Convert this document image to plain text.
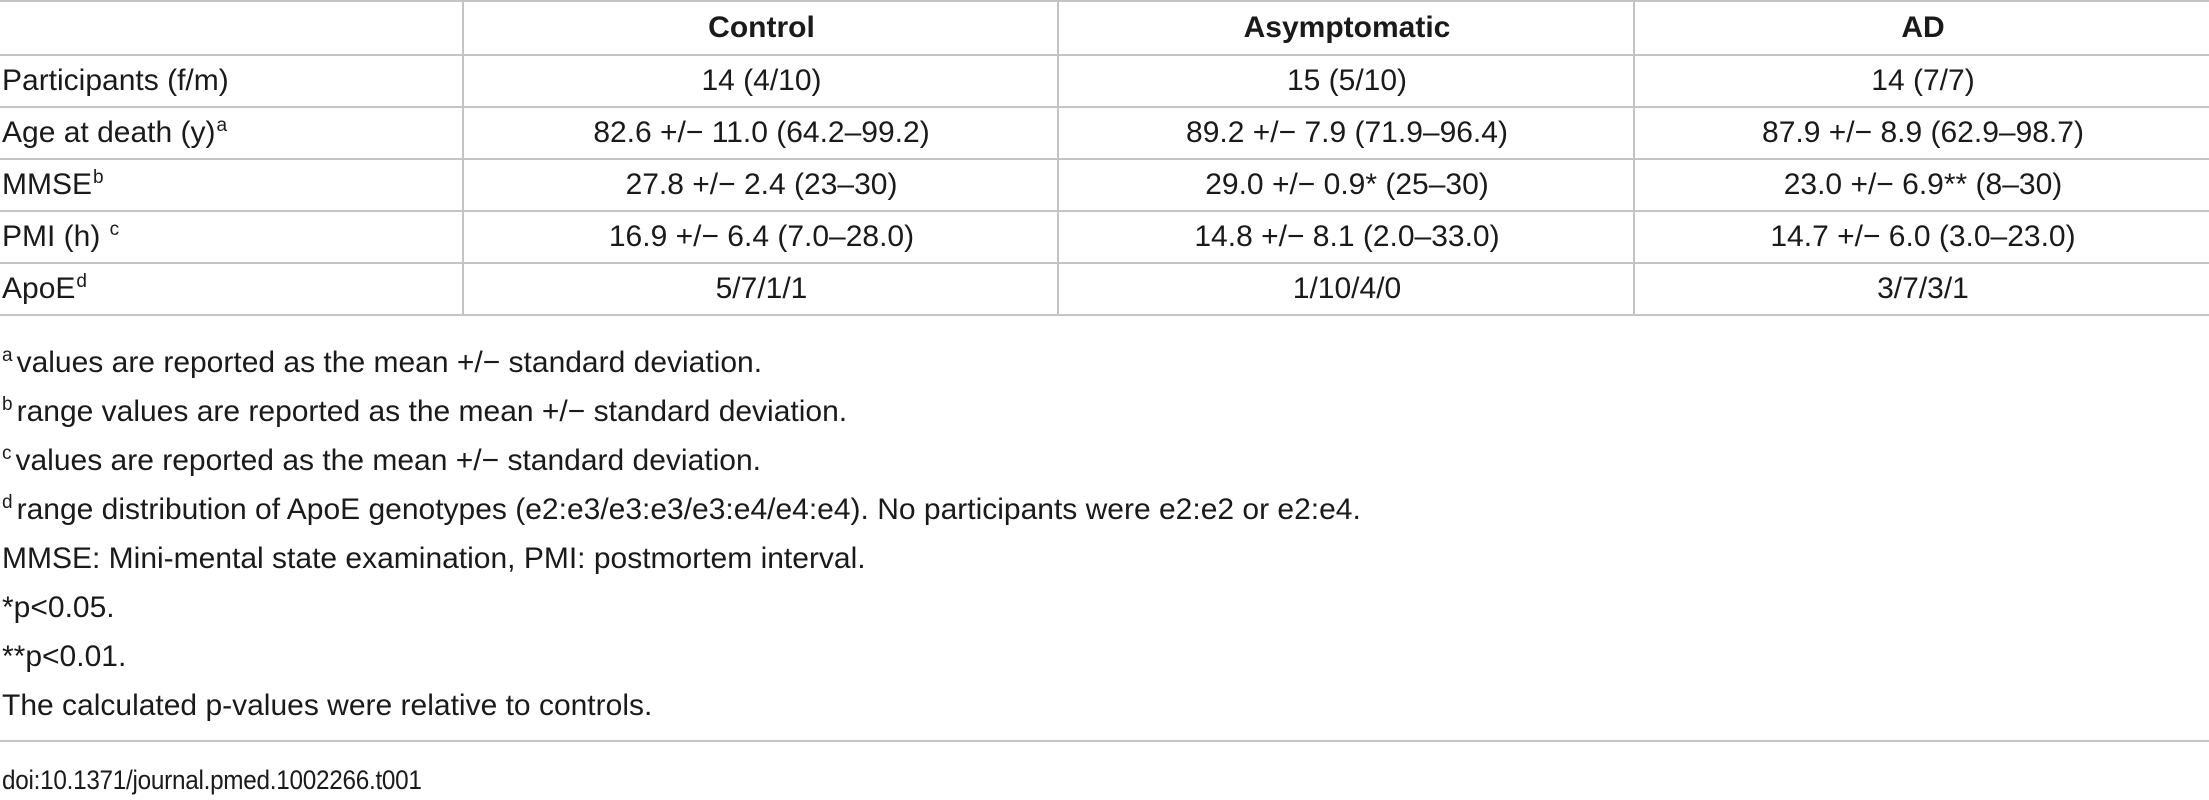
	Control	Asymptomatic	AD
Participants (f/m)	14 (4/10)	15 (5/10)	14 (7/7)
Age at death $(y)^a$	82.6 +/− 11.0 (64.2–99.2)	89.2 +/− 7.9 (71.9–96.4)	87.9 +/− 8.9 (62.9–98.7)
MMSE$^b$	27.8 +/− 2.4 (23–30)	29.0 +/− 0.9* (25–30)	23.0 +/− 6.9** (8–30)
PMI (h) $^c$	16.9 +/− 6.4 (7.0–28.0)	14.8 +/− 8.1 (2.0–33.0)	14.7 +/− 6.0 (3.0–23.0)
ApoE$^d$	5/7/1/1	1/10/4/0	3/7/3/1
$^a$ values are reported as the mean +/− standard deviation.
$^b$ range values are reported as the mean +/− standard deviation.
$^c$ values are reported as the mean +/− standard deviation.
$^d$ range distribution of ApoE genotypes (e2:e3/e3:e3/e3:e4/e4:e4). No participants were e2:e2 or e2:e4.
MMSE: Mini-mental state examination, PMI: postmortem interval.
*p<0.05.
**p<0.01.
The calculated p-values were relative to controls.
doi:10.1371/journal.pmed.1002266.t001
